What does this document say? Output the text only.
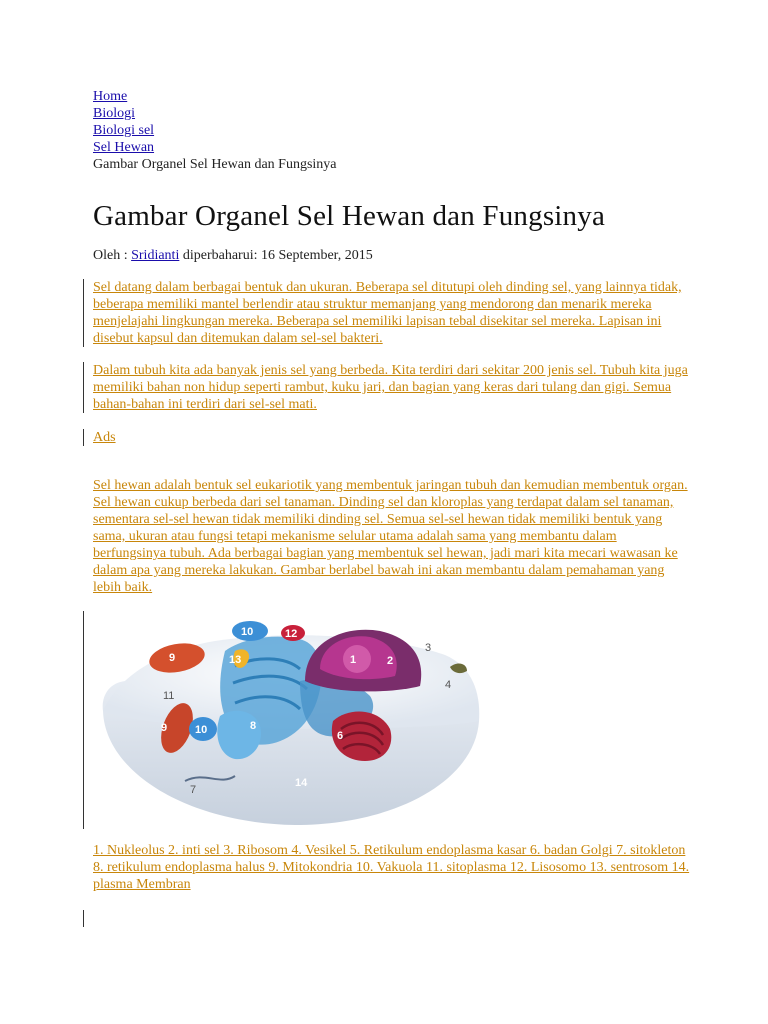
Home
Biologi
Biologi sel
Sel Hewan
Gambar Organel Sel Hewan dan Fungsinya
Gambar Organel Sel Hewan dan Fungsinya
Oleh : Sridianti diperbaharui: 16 September, 2015
Sel datang dalam berbagai bentuk dan ukuran. Beberapa sel ditutupi oleh dinding sel, yang lainnya tidak, beberapa memiliki mantel berlendir atau struktur memanjang yang mendorong dan menarik mereka menjelajahi lingkungan mereka. Beberapa sel memiliki lapisan tebal disekitar sel mereka. Lapisan ini disebut kapsul dan ditemukan dalam sel-sel bakteri.
Dalam tubuh kita ada banyak jenis sel yang berbeda. Kita terdiri dari sekitar 200 jenis sel. Tubuh kita juga memiliki bahan non hidup seperti rambut, kuku jari, dan bagian yang keras dari tulang dan gigi. Semua bahan-bahan ini terdiri dari sel-sel mati.
Ads
Sel hewan adalah bentuk sel eukariotik yang membentuk jaringan tubuh dan kemudian membentuk organ. Sel hewan cukup berbeda dari sel tanaman. Dinding sel dan kloroplas yang terdapat dalam sel tanaman, sementara sel-sel hewan tidak memiliki dinding sel. Semua sel-sel hewan tidak memiliki bentuk yang sama, ukuran atau fungsi tetapi mekanisme selular utama adalah sama yang membantu dalam berfungsinya tubuh. Ada berbagai bagian yang membentuk sel hewan, jadi mari kita mecari wawasan ke dalam apa yang mereka lakukan. Gambar berlabel bawah ini akan membantu dalam pemahaman yang lebih baik.
1	2
6
8
9
9
10
10
12
13
14
3
4
7
11
1. Nukleolus 2. inti sel 3. Ribosom 4. Vesikel 5. Retikulum endoplasma kasar 6. badan Golgi 7. sitokleton 8. retikulum endoplasma halus 9. Mitokondria 10. Vakuola 11. sitoplasma 12. Lisosomo 13. sentrosom 14. plasma Membran
